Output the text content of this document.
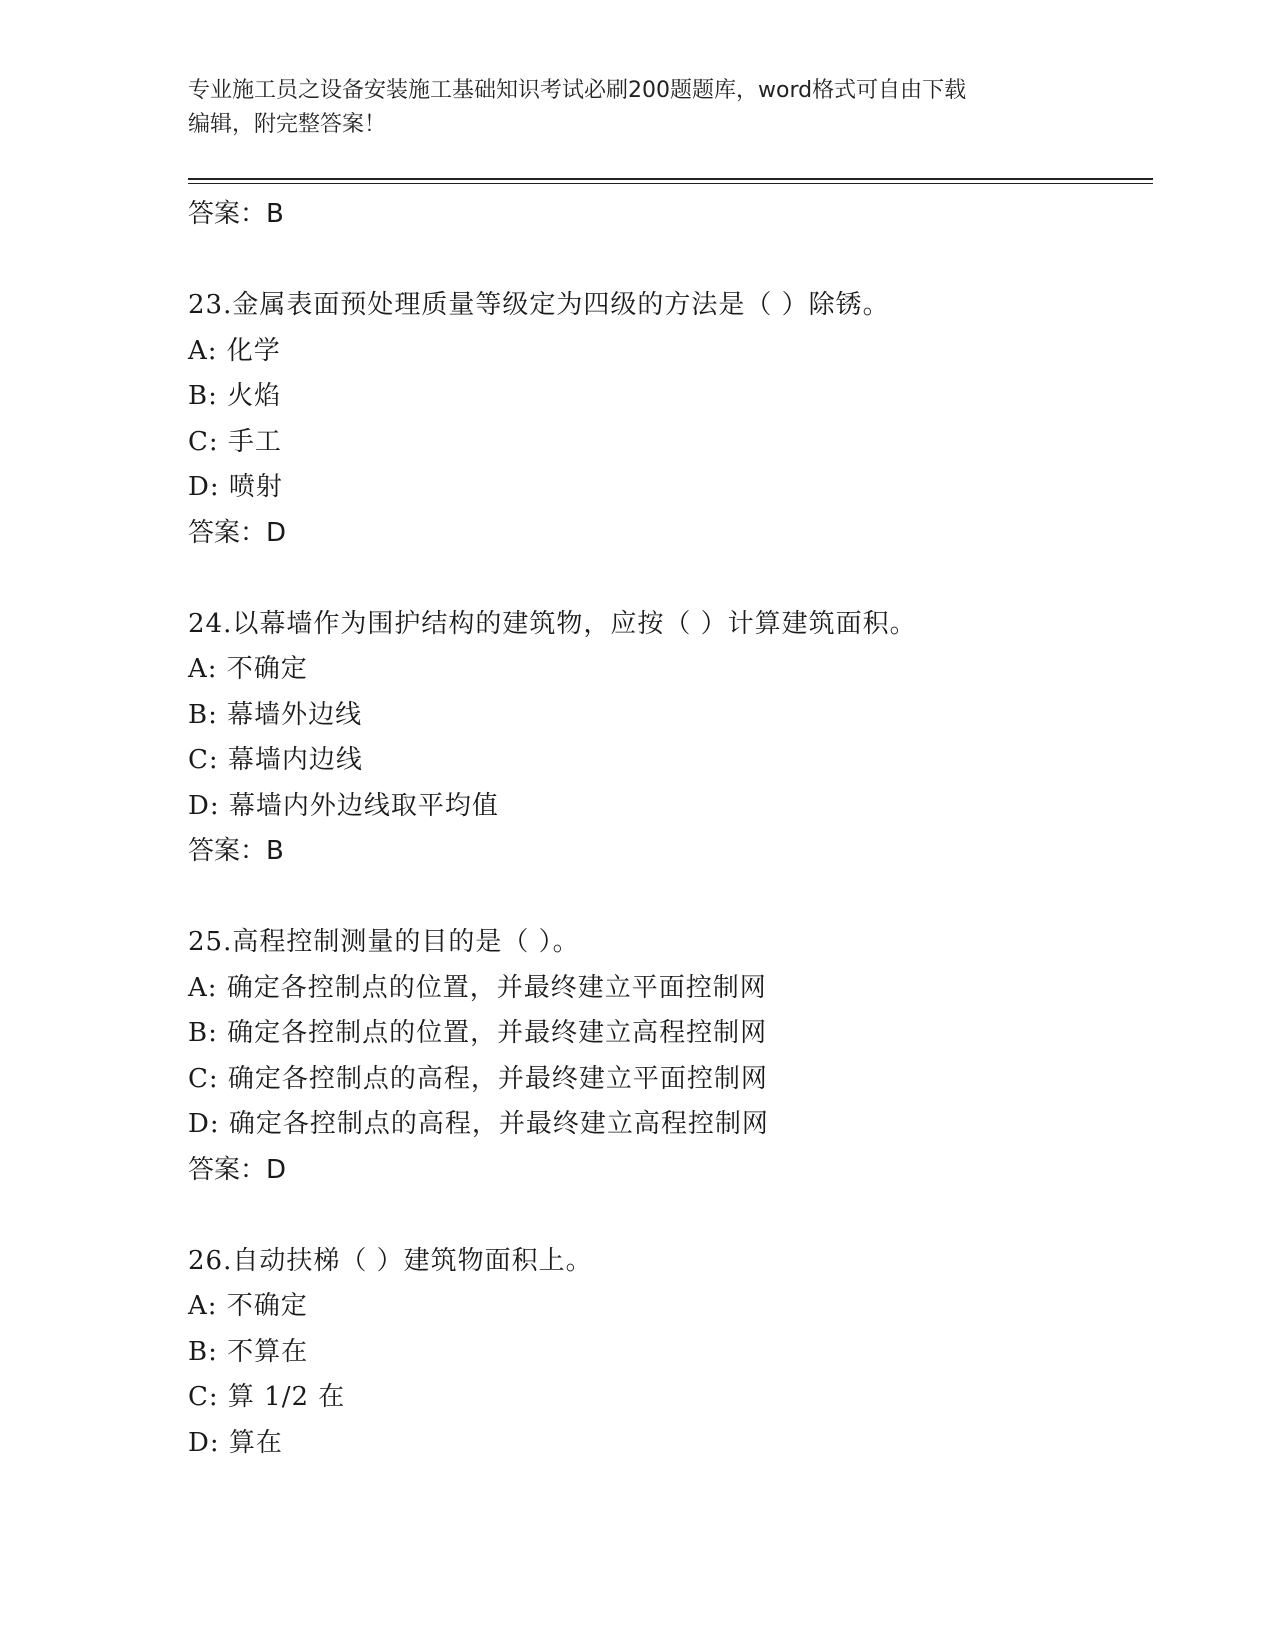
专业施工员之设备安装施工基础知识考试必刷200题题库，word格式可自由下载
编辑，附完整答案！
答案：B
23.金属表面预处理质量等级定为四级的方法是（ ）除锈。
A: 化学
B: 火焰
C: 手工
D: 喷射
答案：D
24.以幕墙作为围护结构的建筑物，应按（ ）计算建筑面积。
A: 不确定
B: 幕墙外边线
C: 幕墙内边线
D: 幕墙内外边线取平均值
答案：B
25.高程控制测量的目的是（ ）。
A: 确定各控制点的位置，并最终建立平面控制网
B: 确定各控制点的位置，并最终建立高程控制网
C: 确定各控制点的高程，并最终建立平面控制网
D: 确定各控制点的高程，并最终建立高程控制网
答案：D
26.自动扶梯（ ）建筑物面积上。
A: 不确定
B: 不算在
C: 算 1/2 在
D: 算在
